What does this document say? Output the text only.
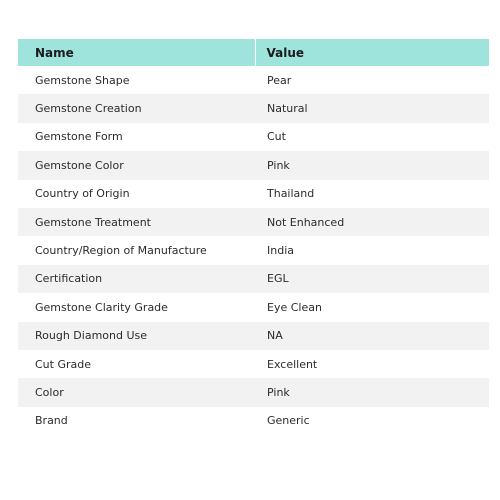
Name	Value
Gemstone Shape	Pear
Gemstone Creation	Natural
Gemstone Form	Cut
Gemstone Color	Pink
Country of Origin	Thailand
Gemstone Treatment	Not Enhanced
Country/Region of Manufacture	India
Certification	EGL
Gemstone Clarity Grade	Eye Clean
Rough Diamond Use	NA
Cut Grade	Excellent
Color	Pink
Brand	Generic
